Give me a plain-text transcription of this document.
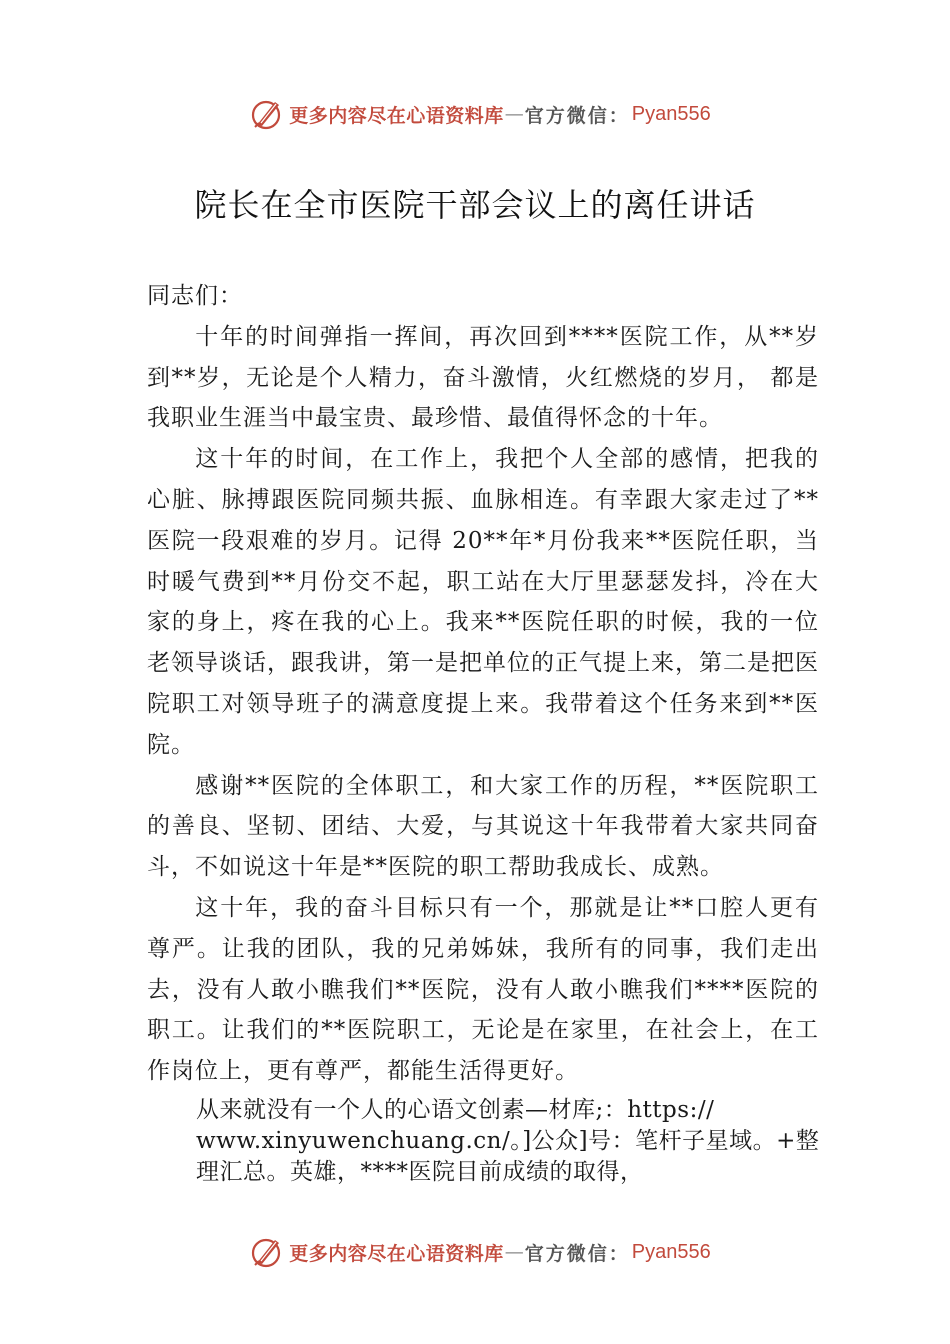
更多内容尽在心语资料库 — 官方微信： Pyan556
院长在全市医院干部会议上的离任讲话

同志们：

十年的时间弹指一挥间，再次回到****医院工作，从**岁到**岁，无论是个人精力，奋斗激情，火红燃烧的岁月， 都是我职业生涯当中最宝贵、最珍惜、最值得怀念的十年。

这十年的时间，在工作上，我把个人全部的感情，把我的心脏、脉搏跟医院同频共振、血脉相连。有幸跟大家走过了**医院一段艰难的岁月。记得 20**年*月份我来**医院任职，当时暖气费到**月份交不起，职工站在大厅里瑟瑟发抖，冷在大家的身上，疼在我的心上。我来**医院任职的时候，我的一位老领导谈话，跟我讲，第一是把单位的正气提上来，第二是把医院职工对领导班子的满意度提上来。我带着这个任务来到**医院。

感谢**医院的全体职工，和大家工作的历程，**医院职工的善良、坚韧、团结、大爱，与其说这十年我带着大家共同奋斗，不如说这十年是**医院的职工帮助我成长、成熟。

这十年，我的奋斗目标只有一个，那就是让**口腔人更有尊严。让我的团队，我的兄弟姊妹，我所有的同事，我们走出去，没有人敢小瞧我们**医院，没有人敢小瞧我们****医院的职工。让我们的**医院职工，无论是在家里，在社会上，在工作岗位上，更有尊严，都能生活得更好。

从来就没有一个人的心语文创素—材库;：https://
www.xinyuwenchuang.cn/。]公众]号：笔杆子星域。+整
理汇总。英雄，****医院目前成绩的取得，
更多内容尽在心语资料库 — 官方微信： Pyan556
